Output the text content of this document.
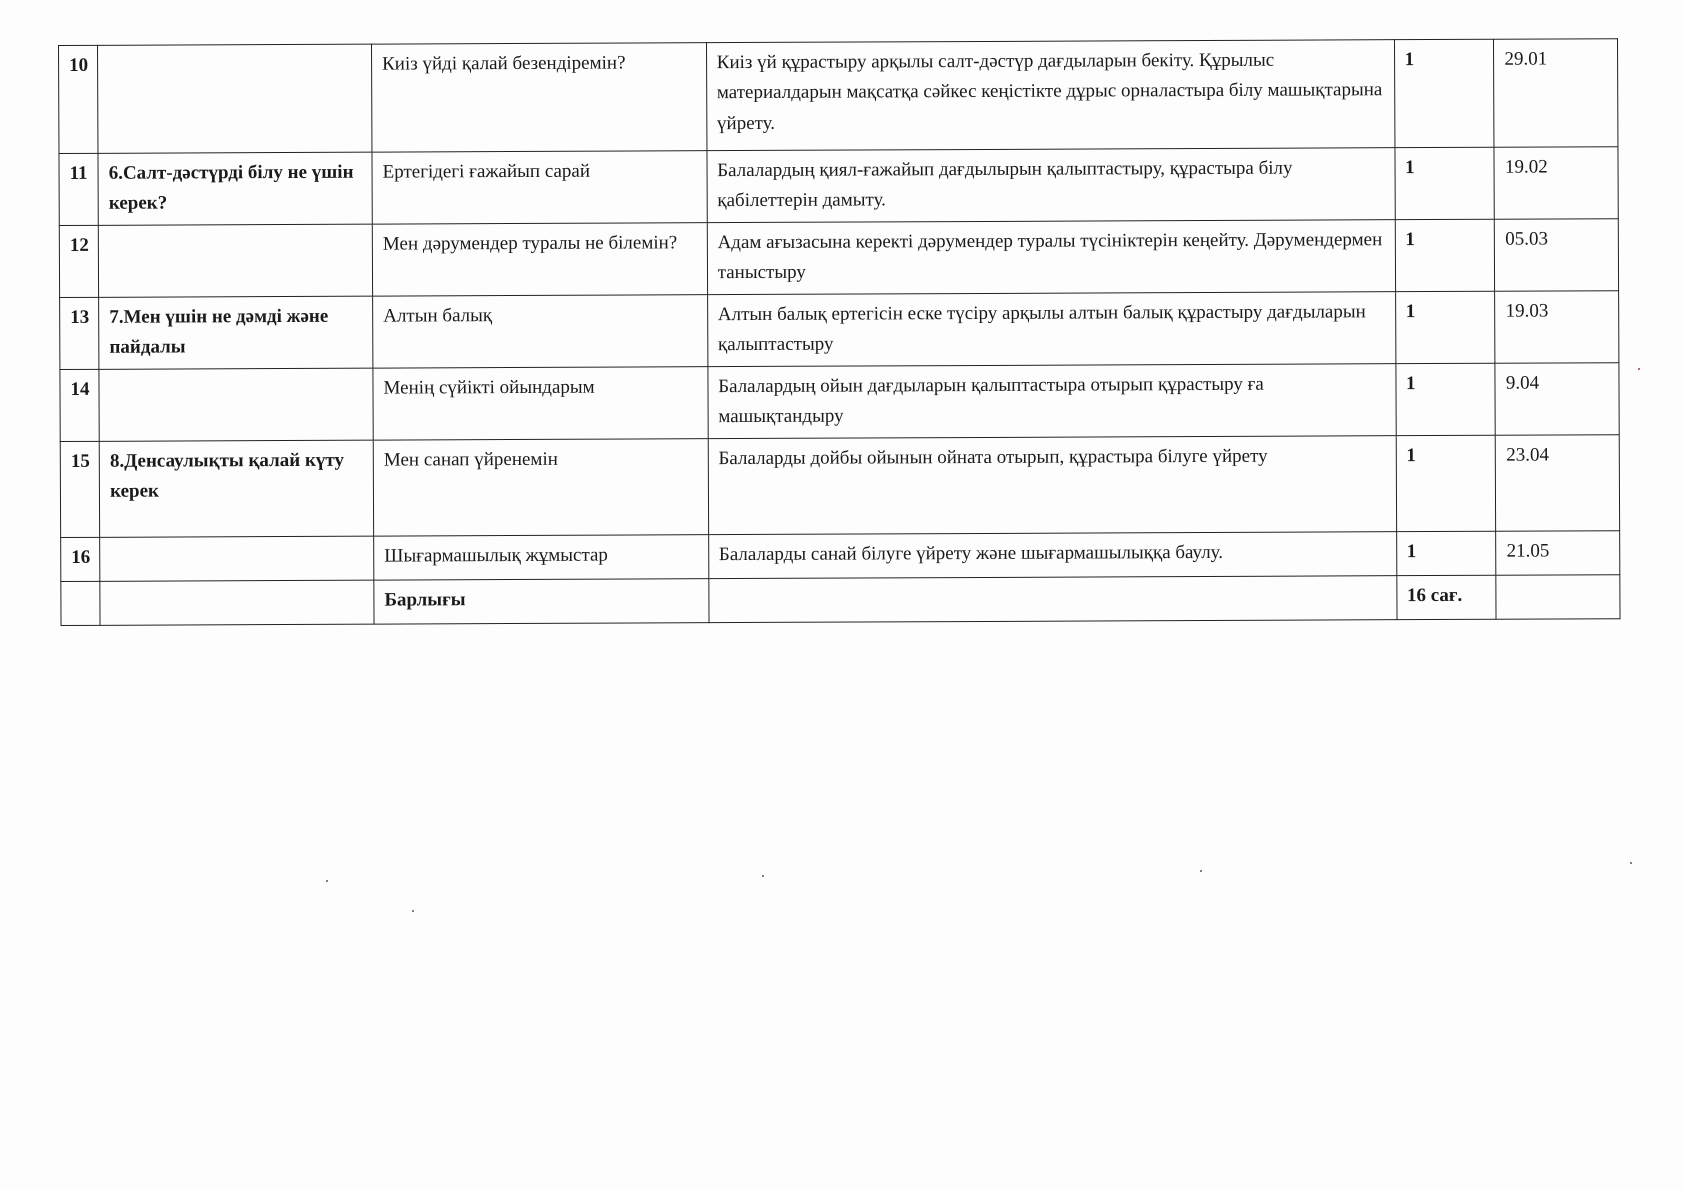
10		Киіз үйді қалай безендіремін?	Киіз үй құрастыру арқылы салт-дәстүр дағдыларын бекіту. Құрылыс материалдарын мақсатқа сәйкес кеңістікте дұрыс орналастыра білу машықтарына үйрету.	1	29.01
11	6.Салт-дәстүрді білу не үшін керек?	Ертегідегі ғажайып сарай	Балалардың қиял-ғажайып дағдылырын қалыптастыру, құрастыра білу қабілеттерін дамыту.	1	19.02
12		Мен дәрумендер туралы не білемін?	Адам ағызасына керекті дәрумендер туралы түсініктерін кеңейту. Дәрумендермен таныстыру	1	05.03
13	7.Мен үшін не дәмді және пайдалы	Алтын балық	Алтын балық ертегісін еске түсіру арқылы алтын балық құрастыру дағдыларын қалыптастыру	1	19.03
14		Менің сүйікті ойындарым	Балалардың ойын дағдыларын қалыптастыра отырып құрастыру ға машықтандыру	1	9.04
15	8.Денсаулықты қалай күту керек	Мен санап үйренемін	Балаларды дойбы ойынын ойната отырып, құрастыра білуге үйрету	1	23.04
16		Шығармашылық жұмыстар	Балаларды санай білуге үйрету және шығармашылыққа баулу.	1	21.05
		Барлығы		16 сағ.	
